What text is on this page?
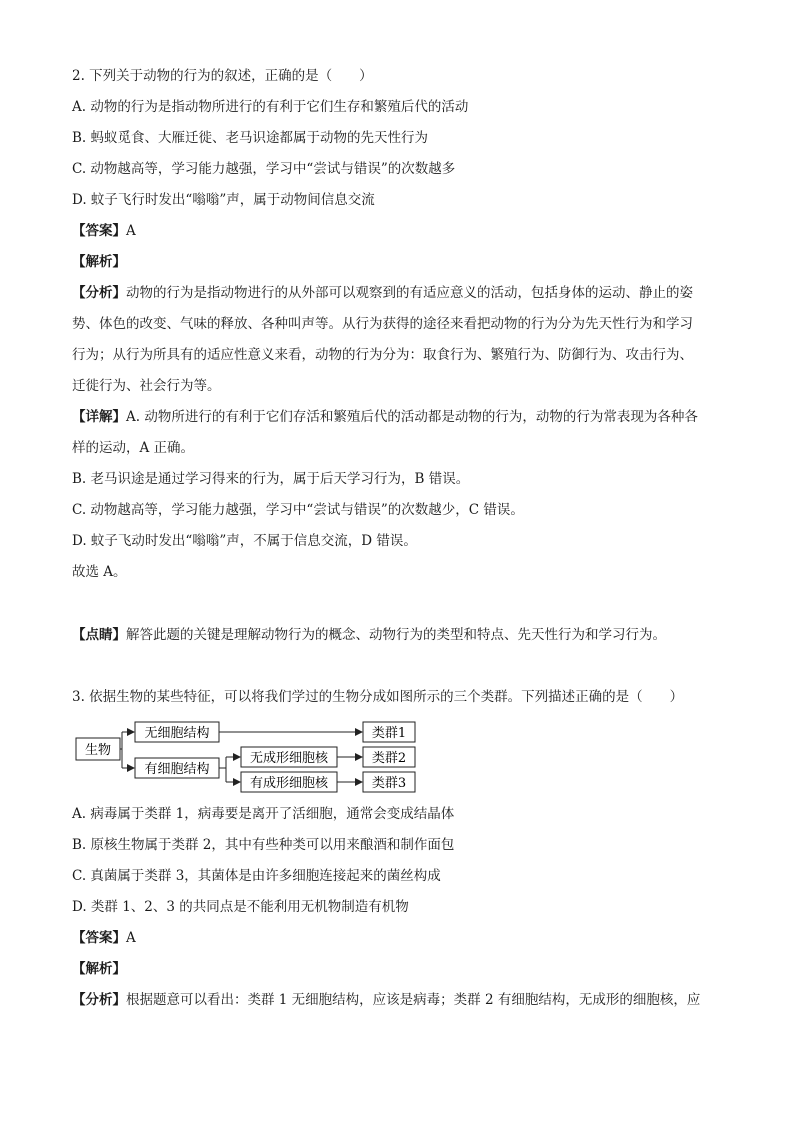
2. 下列关于动物的行为的叙述，正确的是（　　）
A. 动物的行为是指动物所进行的有利于它们生存和繁殖后代的活动
B. 蚂蚁觅食、大雁迁徙、老马识途都属于动物的先天性行为
C. 动物越高等，学习能力越强，学习中“尝试与错误”的次数越多
D. 蚊子飞行时发出“嗡嗡”声，属于动物间信息交流
【答案】A
【解析】
【分析】动物的行为是指动物进行的从外部可以观察到的有适应意义的活动，包括身体的运动、静止的姿
势、体色的改变、气味的释放、各种叫声等。从行为获得的途径来看把动物的行为分为先天性行为和学习
行为；从行为所具有的适应性意义来看，动物的行为分为：取食行为、繁殖行为、防御行为、攻击行为、
迁徙行为、社会行为等。
【详解】A. 动物所进行的有利于它们存活和繁殖后代的活动都是动物的行为，动物的行为常表现为各种各
样的运动，A 正确。
B. 老马识途是通过学习得来的行为，属于后天学习行为，B 错误。
C. 动物越高等，学习能力越强，学习中“尝试与错误”的次数越少，C 错误。
D. 蚊子飞动时发出“嗡嗡”声，不属于信息交流，D 错误。
故选 A。
【点睛】解答此题的关键是理解动物行为的概念、动物行为的类型和特点、先天性行为和学习行为。
3. 依据生物的某些特征，可以将我们学过的生物分成如图所示的三个类群。下列描述正确的是（　　）
生物
无细胞结构
有细胞结构
无成形细胞核
有成形细胞核
类群1
类群2
类群3
A. 病毒属于类群 1，病毒要是离开了活细胞，通常会变成结晶体
B. 原核生物属于类群 2，其中有些种类可以用来酿酒和制作面包
C. 真菌属于类群 3，其菌体是由许多细胞连接起来的菌丝构成
D. 类群 1、2、3 的共同点是不能利用无机物制造有机物
【答案】A
【解析】
【分析】根据题意可以看出：类群 1 无细胞结构，应该是病毒；类群 2 有细胞结构，无成形的细胞核，应
